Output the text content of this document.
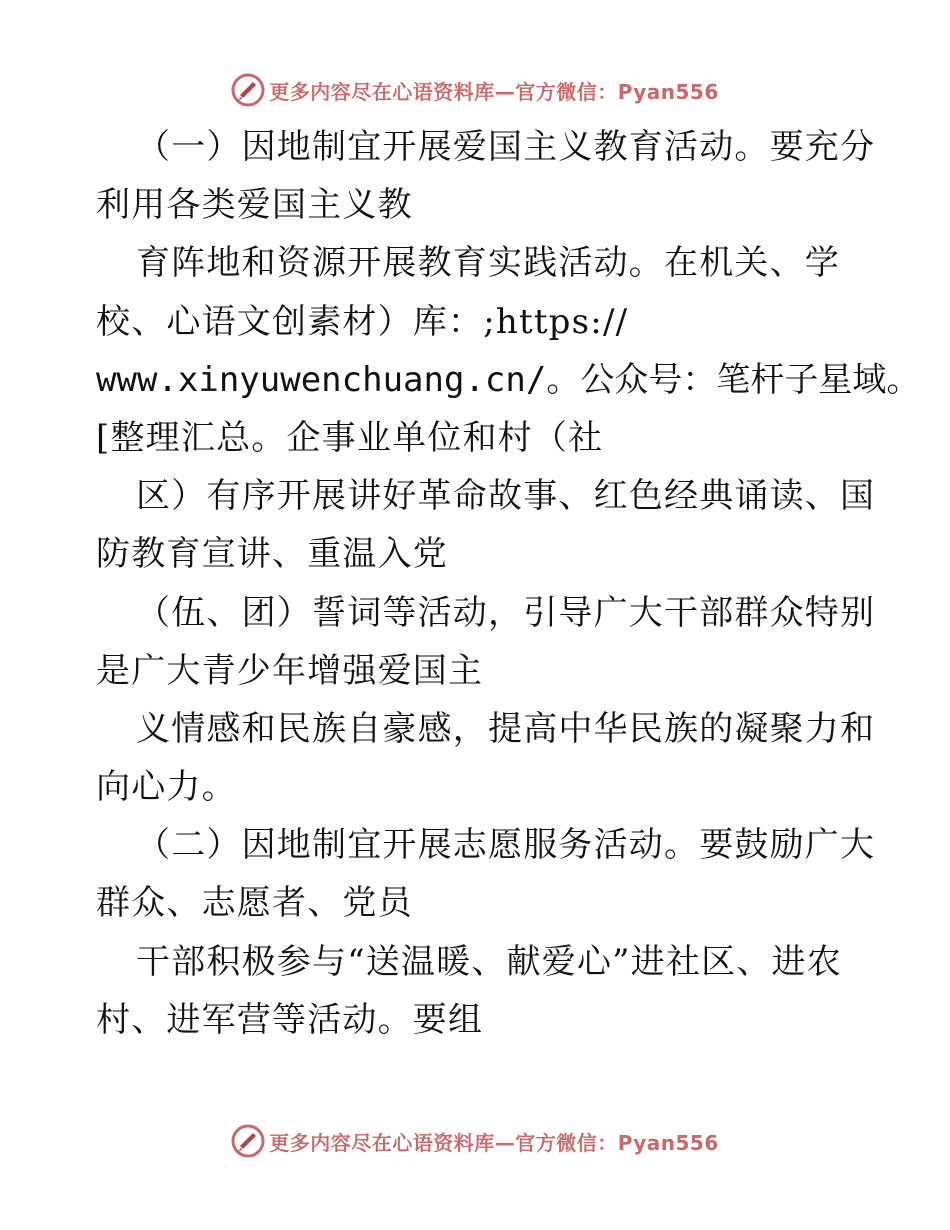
更多内容尽在心语资料库—官方微信：Pyan556
（一）因地制宜开展爱国主义教育活动。要充分
利用各类爱国主义教
育阵地和资源开展教育实践活动。在机关、学
校、心语文创素材）库：;https://
www.xinyuwenchuang.cn/。公众号：笔杆子星域。
[整理汇总。企事业单位和村（社
区）有序开展讲好革命故事、红色经典诵读、国
防教育宣讲、重温入党
（伍、团）誓词等活动，引导广大干部群众特别
是广大青少年增强爱国主
义情感和民族自豪感，提高中华民族的凝聚力和
向心力。
（二）因地制宜开展志愿服务活动。要鼓励广大
群众、志愿者、党员
干部积极参与“送温暖、献爱心”进社区、进农
村、进军营等活动。要组
更多内容尽在心语资料库—官方微信：Pyan556
